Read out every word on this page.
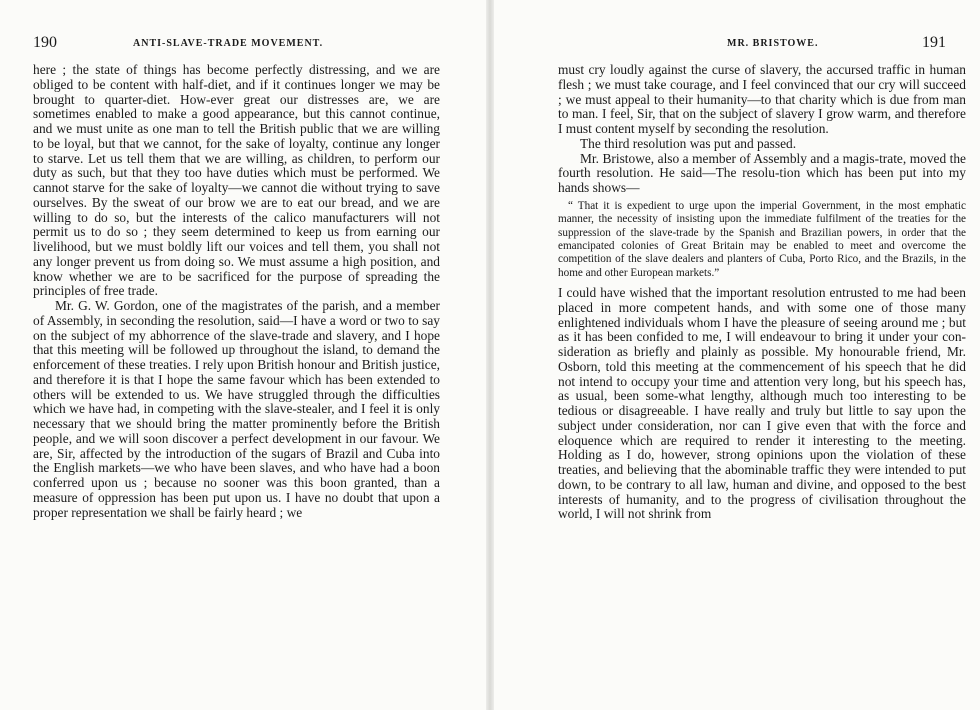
190	ANTI-SLAVE-TRADE MOVEMENT.

here ; the state of things has become perfectly distressing, and we are obliged to be content with half-diet, and if it continues longer we may be brought to quarter-diet. How-ever great our distresses are, we are sometimes enabled to make a good appearance, but this cannot continue, and we must unite as one man to tell the British public that we are willing to be loyal, but that we cannot, for the sake of loyalty, continue any longer to starve. Let us tell them that we are willing, as children, to perform our duty as such, but that they too have duties which must be performed. We cannot starve for the sake of loyalty—we cannot die without trying to save ourselves. By the sweat of our brow we are to eat our bread, and we are willing to do so, but the interests of the calico manufacturers will not permit us to do so ; they seem determined to keep us from earning our livelihood, but we must boldly lift our voices and tell them, you shall not any longer prevent us from doing so. We must assume a high position, and know whether we are to be sacrificed for the purpose of spreading the principles of free trade.

Mr. G. W. Gordon, one of the magistrates of the parish, and a member of Assembly, in seconding the resolution, said—I have a word or two to say on the subject of my abhorrence of the slave-trade and slavery, and I hope that this meeting will be followed up throughout the island, to demand the enforcement of these treaties. I rely upon British honour and British justice, and therefore it is that I hope the same favour which has been extended to others will be extended to us. We have struggled through the difficulties which we have had, in competing with the slave-stealer, and I feel it is only necessary that we should bring the matter prominently before the British people, and we will soon discover a perfect development in our favour. We are, Sir, affected by the introduction of the sugars of Brazil and Cuba into the English markets—we who have been slaves, and who have had a boon conferred upon us ; because no sooner was this boon granted, than a measure of oppression has been put upon us. I have no doubt that upon a proper representation we shall be fairly heard ; we

MR. BRISTOWE.	191

must cry loudly against the curse of slavery, the accursed traffic in human flesh ; we must take courage, and I feel convinced that our cry will succeed ; we must appeal to their humanity—to that charity which is due from man to man. I feel, Sir, that on the subject of slavery I grow warm, and therefore I must content myself by seconding the resolution.

The third resolution was put and passed.

Mr. Bristowe, also a member of Assembly and a magis-trate, moved the fourth resolution. He said—The resolu-tion which has been put into my hands shows—

“ That it is expedient to urge upon the imperial Government, in the most emphatic manner, the necessity of insisting upon the immediate fulfilment of the treaties for the suppression of the slave-trade by the Spanish and Brazilian powers, in order that the emancipated colonies of Great Britain may be enabled to meet and overcome the competition of the slave dealers and planters of Cuba, Porto Rico, and the Brazils, in the home and other European markets.”

I could have wished that the important resolution entrusted to me had been placed in more competent hands, and with some one of those many enlightened individuals whom I have the pleasure of seeing around me ; but as it has been confided to me, I will endeavour to bring it under your con-sideration as briefly and plainly as possible. My honourable friend, Mr. Osborn, told this meeting at the commencement of his speech that he did not intend to occupy your time and attention very long, but his speech has, as usual, been some-what lengthy, although much too interesting to be tedious or disagreeable. I have really and truly but little to say upon the subject under consideration, nor can I give even that with the force and eloquence which are required to render it interesting to the meeting. Holding as I do, however, strong opinions upon the violation of these treaties, and believing that the abominable traffic they were intended to put down, to be contrary to all law, human and divine, and opposed to the best interests of humanity, and to the progress of civilisation throughout the world, I will not shrink from
